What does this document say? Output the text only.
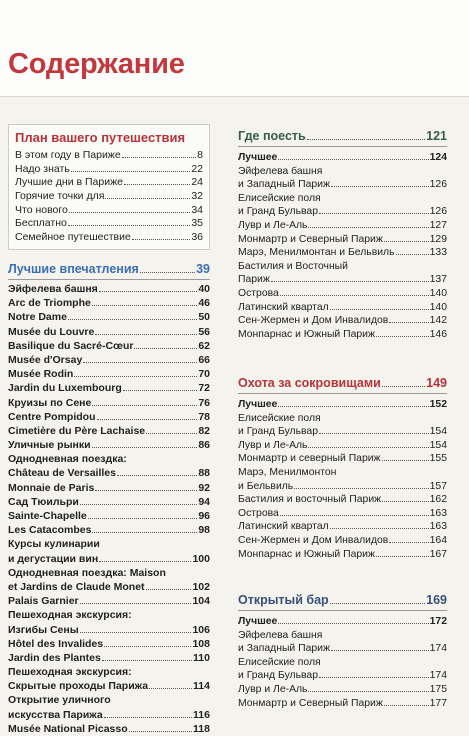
Содержание
План вашего путешествия
В этом году в Париже	8
Надо знать	22
Лучшие дни в Париже	24
Горячие точки для	32
Что нового	34
Бесплатно	35
Семейное путешествие	36
Лучшие впечатления	39
Эйфелева башня	40
Arc de Triomphe	46
Notre Dame	50
Musée du Louvre	56
Basilique du Sacré-Cœur	62
Musée d'Orsay	66
Musée Rodin	70
Jardin du Luxembourg	72
Круизы по Сене	76
Centre Pompidou	78
Cimetière du Père Lachaise	82
Уличные рынки	86
Однодневная поездка:
Château de Versailles	88
Monnaie de Paris	92
Сад Тюильри	94
Sainte-Chapelle	96
Les Catacombes	98
Курсы кулинарии
и дегустации вин	100
Однодневная поездка: Maison
et Jardins de Claude Monet	102
Palais Garnier	104
Пешеходная экскурсия:
Изгибы Сены	106
Hôtel des Invalides	108
Jardin des Plantes	110
Пешеходная экскурсия:
Скрытые проходы Парижа	114
Открытие уличного
искусства Парижа	116
Musée National Picasso	118
Где поесть	121
Лучшее	124
Эйфелева башня
и Западный Париж	126
Елисейские поля
и Гранд Бульвар	126
Лувр и Ле-Аль	127
Монмартр и Северный Париж	129
Марэ, Менилмонтан и Бельвиль	133
Бастилия и Восточный
Париж	137
Острова	140
Латинский квартал	140
Сен-Жермен и Дом Инвалидов	142
Монпарнас и Южный Париж	146
Охота за сокровищами	149
Лучшее	152
Елисейские поля
и Гранд Бульвар	154
Лувр и Ле-Аль	154
Монмартр и северный Париж	155
Марэ, Менилмонтон
и Бельвиль	157
Бастилия и восточный Париж	162
Острова	163
Латинский квартал	163
Сен-Жермен и Дом Инвалидов	164
Монпарнас и Южный Париж	167
Открытый бар	169
Лучшее	172
Эйфелева башня
и Западный Париж	174
Елисейские поля
и Гранд Бульвар	174
Лувр и Ле-Аль	175
Монмартр и Северный Париж	177
